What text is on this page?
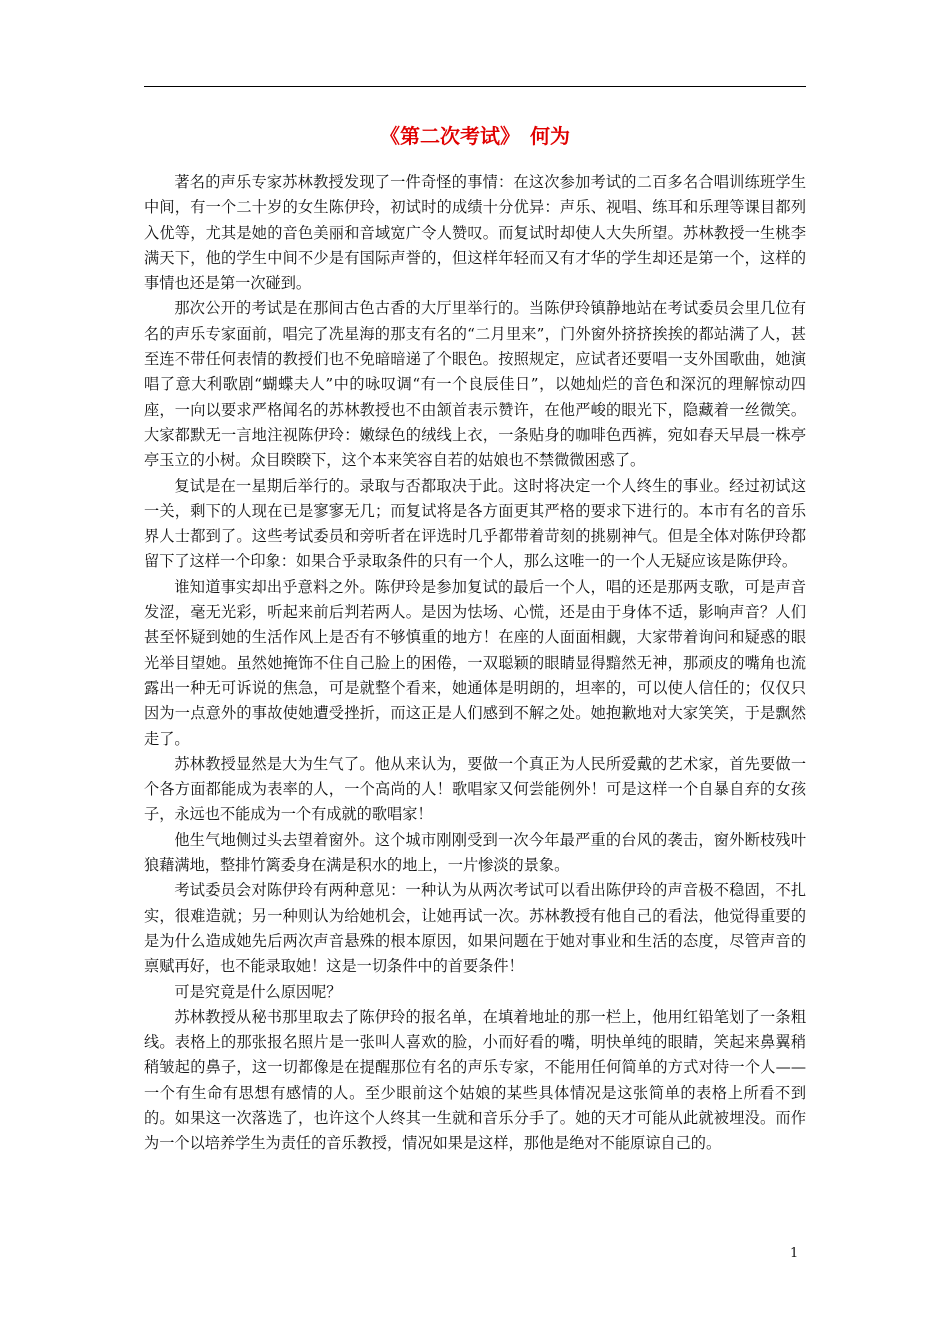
《第二次考试》　何为

著名的声乐专家苏林教授发现了一件奇怪的事情：在这次参加考试的二百多名合唱训练班学生中间，有一个二十岁的女生陈伊玲，初试时的成绩十分优异：声乐、视唱、练耳和乐理等课目都列入优等，尤其是她的音色美丽和音域宽广令人赞叹。而复试时却使人大失所望。苏林教授一生桃李满天下，他的学生中间不少是有国际声誉的，但这样年轻而又有才华的学生却还是第一个，这样的事情也还是第一次碰到。

那次公开的考试是在那间古色古香的大厅里举行的。当陈伊玲镇静地站在考试委员会里几位有名的声乐专家面前，唱完了冼星海的那支有名的“二月里来”，门外窗外挤挤挨挨的都站满了人，甚至连不带任何表情的教授们也不免暗暗递了个眼色。按照规定，应试者还要唱一支外国歌曲，她演唱了意大利歌剧“蝴蝶夫人”中的咏叹调“有一个良辰佳日”，以她灿烂的音色和深沉的理解惊动四座，一向以要求严格闻名的苏林教授也不由颔首表示赞许，在他严峻的眼光下，隐藏着一丝微笑。大家都默无一言地注视陈伊玲：嫩绿色的绒线上衣，一条贴身的咖啡色西裤，宛如春天早晨一株亭亭玉立的小树。众目睽睽下，这个本来笑容自若的姑娘也不禁微微困惑了。

复试是在一星期后举行的。录取与否都取决于此。这时将决定一个人终生的事业。经过初试这一关，剩下的人现在已是寥寥无几；而复试将是各方面更其严格的要求下进行的。本市有名的音乐界人士都到了。这些考试委员和旁听者在评选时几乎都带着苛刻的挑剔神气。但是全体对陈伊玲都留下了这样一个印象：如果合乎录取条件的只有一个人，那么这唯一的一个人无疑应该是陈伊玲。

谁知道事实却出乎意料之外。陈伊玲是参加复试的最后一个人，唱的还是那两支歌，可是声音发涩，毫无光彩，听起来前后判若两人。是因为怯场、心慌，还是由于身体不适，影响声音？人们甚至怀疑到她的生活作风上是否有不够慎重的地方！在座的人面面相觑，大家带着询问和疑惑的眼光举目望她。虽然她掩饰不住自己脸上的困倦，一双聪颖的眼睛显得黯然无神，那顽皮的嘴角也流露出一种无可诉说的焦急，可是就整个看来，她通体是明朗的，坦率的，可以使人信任的；仅仅只因为一点意外的事故使她遭受挫折，而这正是人们感到不解之处。她抱歉地对大家笑笑，于是飘然走了。

苏林教授显然是大为生气了。他从来认为，要做一个真正为人民所爱戴的艺术家，首先要做一个各方面都能成为表率的人，一个高尚的人！歌唱家又何尝能例外！可是这样一个自暴自弃的女孩子，永远也不能成为一个有成就的歌唱家！

他生气地侧过头去望着窗外。这个城市刚刚受到一次今年最严重的台风的袭击，窗外断枝残叶狼藉满地，整排竹篱委身在满是积水的地上，一片惨淡的景象。

考试委员会对陈伊玲有两种意见：一种认为从两次考试可以看出陈伊玲的声音极不稳固，不扎实，很难造就；另一种则认为给她机会，让她再试一次。苏林教授有他自己的看法，他觉得重要的是为什么造成她先后两次声音悬殊的根本原因，如果问题在于她对事业和生活的态度，尽管声音的禀赋再好，也不能录取她！这是一切条件中的首要条件！

可是究竟是什么原因呢？

苏林教授从秘书那里取去了陈伊玲的报名单，在填着地址的那一栏上，他用红铅笔划了一条粗线。表格上的那张报名照片是一张叫人喜欢的脸，小而好看的嘴，明快单纯的眼睛，笑起来鼻翼稍稍皱起的鼻子，这一切都像是在提醒那位有名的声乐专家，不能用任何简单的方式对待一个人——一个有生命有思想有感情的人。至少眼前这个姑娘的某些具体情况是这张简单的表格上所看不到的。如果这一次落选了，也许这个人终其一生就和音乐分手了。她的天才可能从此就被埋没。而作为一个以培养学生为责任的音乐教授，情况如果是这样，那他是绝对不能原谅自己的。

1
